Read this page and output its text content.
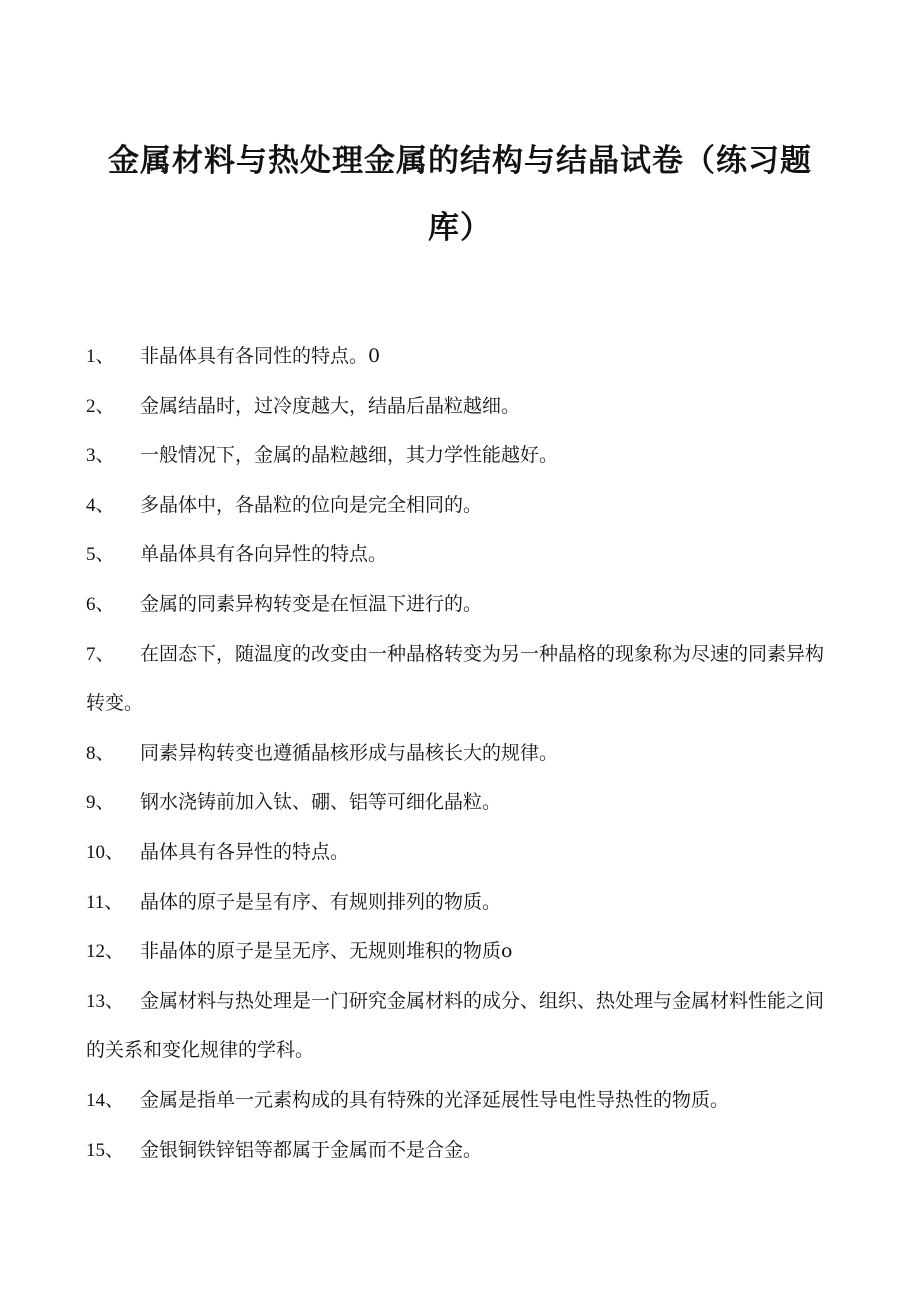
金属材料与热处理金属的结构与结晶试卷（练习题库）
1、 非晶体具有各同性的特点。0
2、 金属结晶时，过冷度越大，结晶后晶粒越细。
3、 一般情况下，金属的晶粒越细，其力学性能越好。
4、 多晶体中，各晶粒的位向是完全相同的。
5、 单晶体具有各向异性的特点。
6、 金属的同素异构转变是在恒温下进行的。
7、 在固态下，随温度的改变由一种晶格转变为另一种晶格的现象称为尽速的同素异构转变。
8、 同素异构转变也遵循晶核形成与晶核长大的规律。
9、 钢水浇铸前加入钛、硼、铝等可细化晶粒。
10、 晶体具有各异性的特点。
11、 晶体的原子是呈有序、有规则排列的物质。
12、 非晶体的原子是呈无序、无规则堆积的物质o
13、 金属材料与热处理是一门研究金属材料的成分、组织、热处理与金属材料性能之间的关系和变化规律的学科。
14、 金属是指单一元素构成的具有特殊的光泽延展性导电性导热性的物质。
15、 金银铜铁锌铝等都属于金属而不是合金。
